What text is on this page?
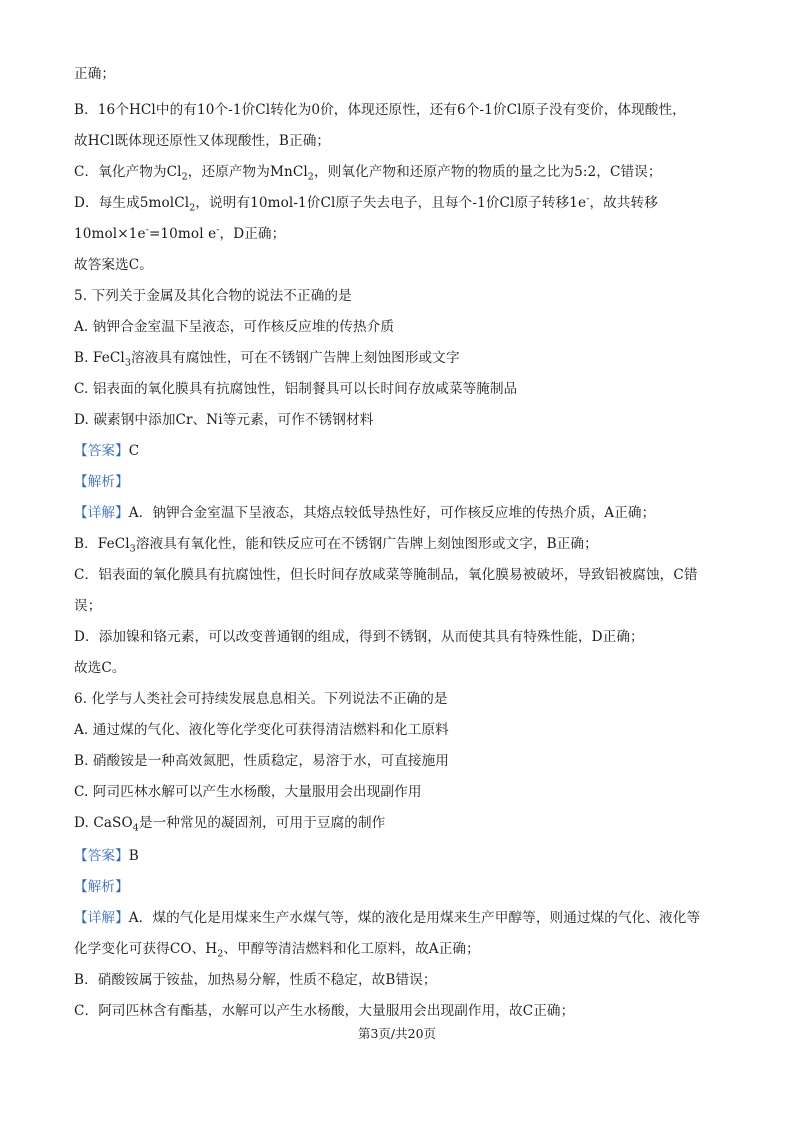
正确；
B．16个HCl中的有10个-1价Cl转化为0价，体现还原性，还有6个-1价Cl原子没有变价，体现酸性，
故HCl既体现还原性又体现酸性，B正确；
C．氧化产物为$Cl_2$，还原产物为MnCl$_2$，则氧化产物和还原产物的物质的量之比为5:2，C错误；
D．每生成5molCl$_2$，说明有10mol-1价Cl原子失去电子，且每个-1价Cl原子转移1e-，故共转移
10mol×1e-=10mol e-，D正确；
故答案选C。
5. 下列关于金属及其化合物的说法不正确的是
A. 钠钾合金室温下呈液态，可作核反应堆的传热介质
B. FeCl$_3$溶液具有腐蚀性，可在不锈钢广告牌上刻蚀图形或文字
C. 铝表面的氧化膜具有抗腐蚀性，铝制餐具可以长时间存放咸菜等腌制品
D. 碳素钢中添加Cr、Ni等元素，可作不锈钢材料
【答案】C
【解析】
【详解】A．钠钾合金室温下呈液态，其熔点较低导热性好，可作核反应堆的传热介质，A正确；
B．FeCl$_3$溶液具有氧化性，能和铁反应可在不锈钢广告牌上刻蚀图形或文字，B正确；
C．铝表面的氧化膜具有抗腐蚀性，但长时间存放咸菜等腌制品，氧化膜易被破坏，导致铝被腐蚀，C错
误；
D．添加镍和铬元素，可以改变普通钢的组成，得到不锈钢，从而使其具有特殊性能，D正确；
故选C。
6. 化学与人类社会可持续发展息息相关。下列说法不正确的是
A. 通过煤的气化、液化等化学变化可获得清洁燃料和化工原料
B. 硝酸铵是一种高效氮肥，性质稳定，易溶于水，可直接施用
C. 阿司匹林水解可以产生水杨酸，大量服用会出现副作用
D. CaSO$_4$是一种常见的凝固剂，可用于豆腐的制作
【答案】B
【解析】
【详解】A．煤的气化是用煤来生产水煤气等，煤的液化是用煤来生产甲醇等，则通过煤的气化、液化等
化学变化可获得CO、$H_2$、甲醇等清洁燃料和化工原料，故A正确；
B．硝酸铵属于铵盐，加热易分解，性质不稳定，故B错误；
C．阿司匹林含有酯基，水解可以产生水杨酸，大量服用会出现副作用，故C正确；
第3页/共20页
